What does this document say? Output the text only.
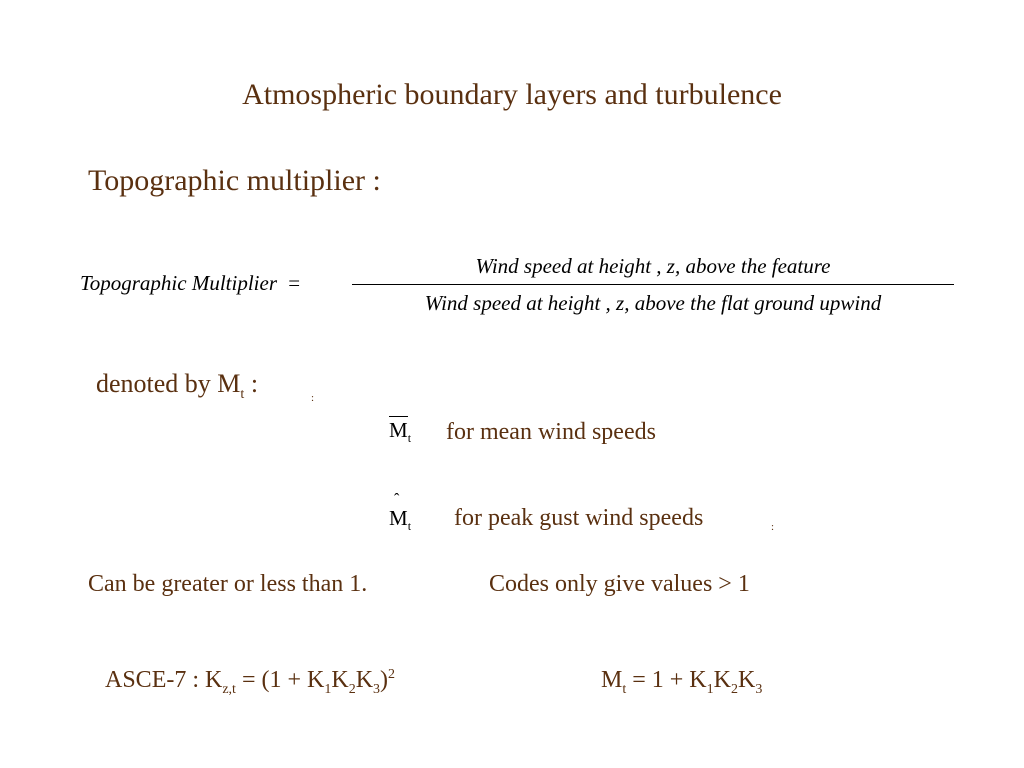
Atmospheric boundary layers and turbulence
Topographic multiplier :
Topographic Multiplier =
Wind speed at height , z, above the feature
Wind speed at height , z, above the flat ground upwind
denoted by $M_t$ :	:
$M_t$ for mean wind speeds
ˆ
$M_t$ for peak gust wind speeds	:
Can be greater or less than 1.	Codes only give values > 1
ASCE-7 : $K_{z,t} = (1 + K_1K_2K_3)^2$	$M_t = 1 + K_1K_2K_3$
